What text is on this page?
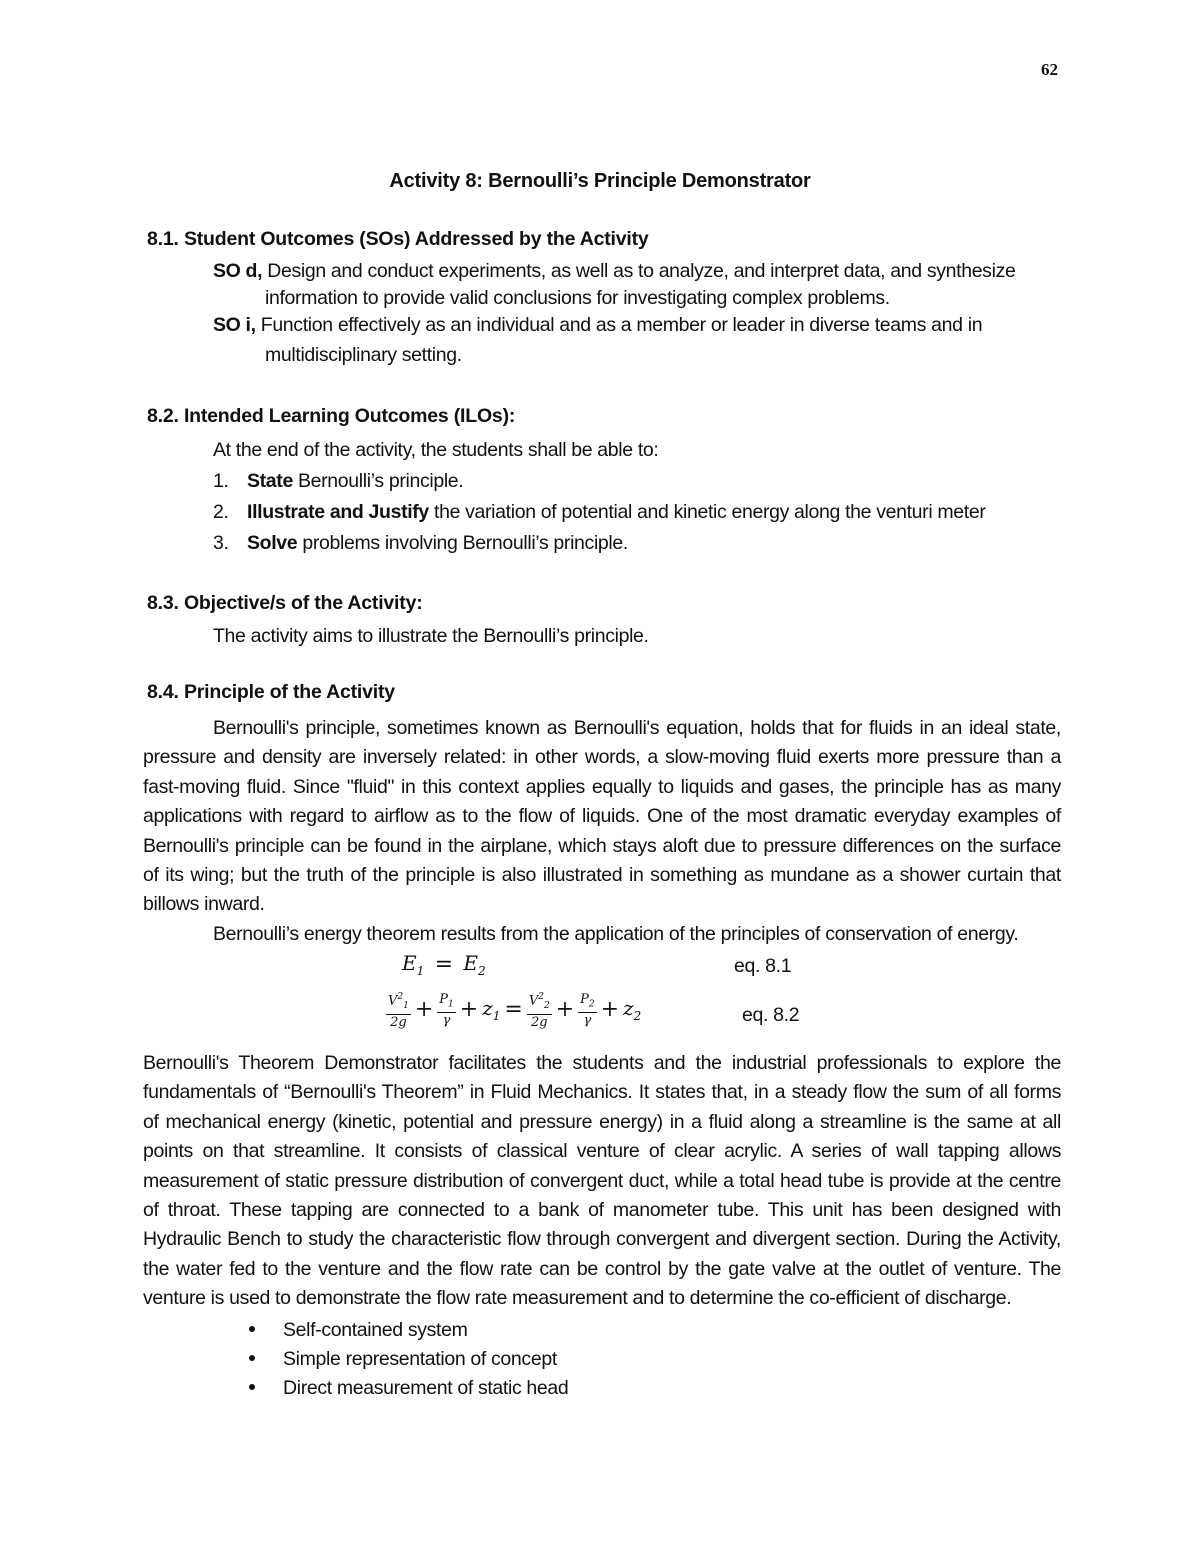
62
Activity 8: Bernoulli’s Principle Demonstrator
8.1. Student Outcomes (SOs) Addressed by the Activity
SO d, Design and conduct experiments, as well as to analyze, and interpret data, and synthesize
information to provide valid conclusions for investigating complex problems.
SO i, Function effectively as an individual and as a member or leader in diverse teams and in
multidisciplinary setting.
8.2. Intended Learning Outcomes (ILOs):
At the end of the activity, the students shall be able to:
1. State Bernoulli’s principle.
2. Illustrate and Justify the variation of potential and kinetic energy along the venturi meter
3. Solve problems involving Bernoulli’s principle.
8.3. Objective/s of the Activity:
The activity aims to illustrate the Bernoulli’s principle.
8.4. Principle of the Activity
Bernoulli's principle, sometimes known as Bernoulli's equation, holds that for fluids in an ideal state,
pressure and density are inversely related: in other words, a slow-moving fluid exerts more pressure than a
fast-moving fluid. Since "fluid" in this context applies equally to liquids and gases, the principle has as many
applications with regard to airflow as to the flow of liquids. One of the most dramatic everyday examples of
Bernoulli's principle can be found in the airplane, which stays aloft due to pressure differences on the surface
of its wing; but the truth of the principle is also illustrated in something as mundane as a shower curtain that
billows inward.
Bernoulli’s energy theorem results from the application of the principles of conservation of energy.
$E_1 = E_2$	eq. 8.1
$\frac{V^2_1}{2g} + \frac{P_1}{\gamma} + z_1 = \frac{V^2_2}{2g} + \frac{P_2}{\gamma} + z_2$	eq. 8.2
Bernoulli's Theorem Demonstrator facilitates the students and the industrial professionals to explore the
fundamentals of “Bernoulli's Theorem” in Fluid Mechanics. It states that, in a steady flow the sum of all forms
of mechanical energy (kinetic, potential and pressure energy) in a fluid along a streamline is the same at all
points on that streamline. It consists of classical venture of clear acrylic. A series of wall tapping allows
measurement of static pressure distribution of convergent duct, while a total head tube is provide at the centre
of throat. These tapping are connected to a bank of manometer tube. This unit has been designed with
Hydraulic Bench to study the characteristic flow through convergent and divergent section. During the Activity,
the water fed to the venture and the flow rate can be control by the gate valve at the outlet of venture. The
venture is used to demonstrate the flow rate measurement and to determine the co-efficient of discharge.
Self-contained system
Simple representation of concept
Direct measurement of static head
